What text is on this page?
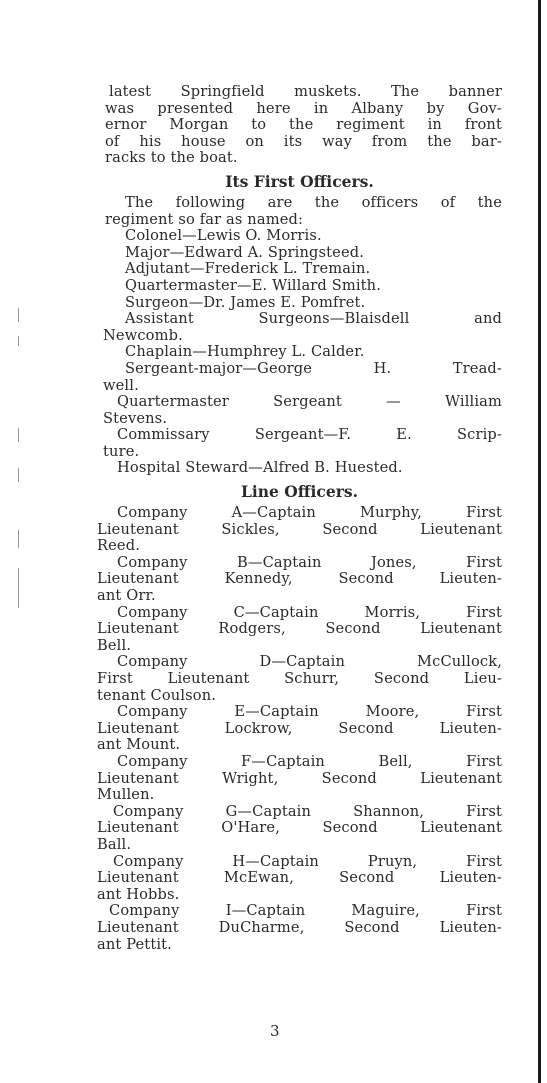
latest Springfield muskets. The banner
was presented here in Albany by Gov-
ernor Morgan to the regiment in front
of his house on its way from the bar-
racks to the boat.
Its First Officers.
The following are the officers of the
regiment so far as named:
Colonel—Lewis O. Morris.
Major—Edward A. Springsteed.
Adjutant—Frederick L. Tremain.
Quartermaster—E. Willard Smith.
Surgeon—Dr. James E. Pomfret.
Assistant Surgeons—Blaisdell and
Newcomb.
Chaplain—Humphrey L. Calder.
Sergeant-major—George H. Tread-
well.
Quartermaster Sergeant — William
Stevens.
Commissary Sergeant—F. E. Scrip-
ture.
Hospital Steward—Alfred B. Huested.
Line Officers.
Company A—Captain Murphy, First
Lieutenant Sickles, Second Lieutenant
Reed.
Company B—Captain Jones, First
Lieutenant Kennedy, Second Lieuten-
ant Orr.
Company C—Captain Morris, First
Lieutenant Rodgers, Second Lieutenant
Bell.
Company D—Captain McCullock,
First Lieutenant Schurr, Second Lieu-
tenant Coulson.
Company E—Captain Moore, First
Lieutenant Lockrow, Second Lieuten-
ant Mount.
Company F—Captain Bell, First
Lieutenant Wright, Second Lieutenant
Mullen.
Company G—Captain Shannon, First
Lieutenant O'Hare, Second Lieutenant
Ball.
Company H—Captain Pruyn, First
Lieutenant McEwan, Second Lieuten-
ant Hobbs.
Company I—Captain Maguire, First
Lieutenant DuCharme, Second Lieuten-
ant Pettit.
3
